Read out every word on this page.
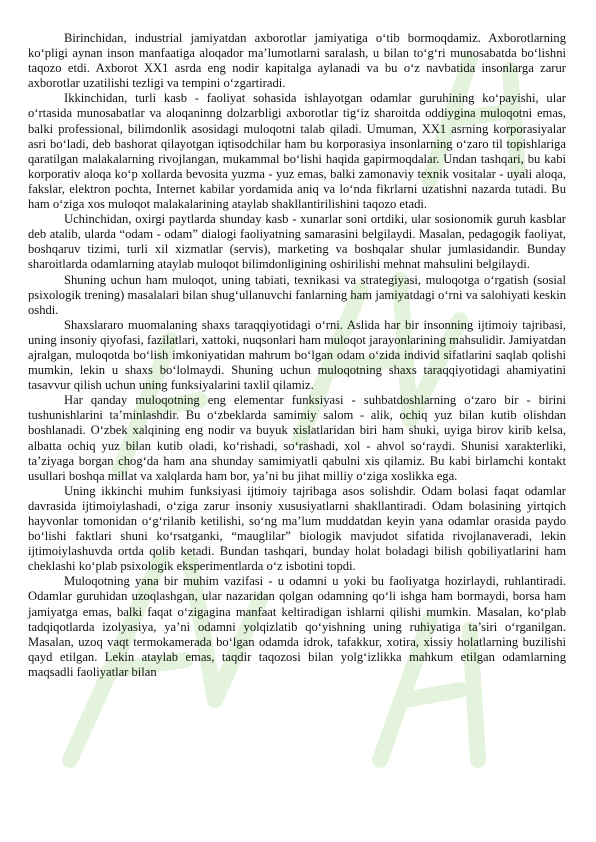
Birinchidan, industrial jamiyatdan axborotlar jamiyatiga o‘tib bormoqdamiz. Axborotlarning ko‘pligi aynan inson manfaatiga aloqador ma’lumotlarni saralash, u bilan to‘g‘ri munosabatda bo‘lishni taqozo etdi. Axborot XX1 asrda eng nodir kapitalga aylanadi va bu o‘z navbatida insonlarga zarur axborotlar uzatilishi tezligi va tempini o‘zgartiradi.

Ikkinchidan, turli kasb - faoliyat sohasida ishlayotgan odamlar guruhining ko‘payishi, ular o‘rtasida munosabatlar va aloqaninng dolzarbligi axborotlar tig‘iz sharoitda oddiygina muloqotni emas, balki professional, bilimdonlik asosidagi muloqotni talab qiladi. Umuman, XX1 asrning korporasiyalar asri bo‘ladi, deb bashorat qilayotgan iqtisodchilar ham bu korporasiya insonlarning o‘zaro til topishlariga qaratilgan malakalarning rivojlangan, mukammal bo‘lishi haqida gapirmoqdalar. Undan tashqari, bu kabi korporativ aloqa ko‘p xollarda bevosita yuzma - yuz emas, balki zamonaviy texnik vositalar - uyali aloqa, fakslar, elektron pochta, Internet kabilar yordamida aniq va lo‘nda fikrlarni uzatishni nazarda tutadi. Bu ham o‘ziga xos muloqot malakalarining ataylab shakllantirilishini taqozo etadi.

Uchinchidan, oxirgi paytlarda shunday kasb - xunarlar soni ortdiki, ular sosionomik guruh kasblar deb atalib, ularda “odam - odam” dialogi faoliyatning samarasini belgilaydi. Masalan, pedagogik faoliyat, boshqaruv tizimi, turli xil xizmatlar (servis), marketing va boshqalar shular jumlasidandir. Bunday sharoitlarda odamlarning ataylab muloqot bilimdonligining oshirilishi mehnat mahsulini belgilaydi.

Shuning uchun ham muloqot, uning tabiati, texnikasi va strategiyasi, muloqotga o‘rgatish (sosial psixologik trening) masalalari bilan shug‘ullanuvchi fanlarning ham jamiyatdagi o‘rni va salohiyati keskin oshdi.

Shaxslararo muomalaning shaxs taraqqiyotidagi o‘rni. Aslida har bir insonning ijtimoiy tajribasi, uning insoniy qiyofasi, fazilatlari, xattoki, nuqsonlari ham muloqot jarayonlarining mahsulidir. Jamiyatdan ajralgan, muloqotda bo‘lish imkoniyatidan mahrum bo‘lgan odam o‘zida individ sifatlarini saqlab qolishi mumkin, lekin u shaxs bo‘lolmaydi. Shuning uchun muloqotning shaxs taraqqiyotidagi ahamiyatini tasavvur qilish uchun uning funksiyalarini taxlil qilamiz.

Har qanday muloqotning eng elementar funksiyasi - suhbatdoshlarning o‘zaro bir - birini tushunishlarini ta’minlashdir. Bu o‘zbeklarda samimiy salom - alik, ochiq yuz bilan kutib olishdan boshlanadi. O‘zbek xalqining eng nodir va buyuk xislatlaridan biri ham shuki, uyiga birov kirib kelsa, albatta ochiq yuz bilan kutib oladi, ko‘rishadi, so‘rashadi, xol - ahvol so‘raydi. Shunisi xarakterliki, ta’ziyaga borgan chog‘da ham ana shunday samimiyatli qabulni xis qilamiz. Bu kabi birlamchi kontakt usullari boshqa millat va xalqlarda ham bor, ya’ni bu jihat milliy o‘ziga xoslikka ega.

Uning ikkinchi muhim funksiyasi ijtimoiy tajribaga asos solishdir. Odam bolasi faqat odamlar davrasida ijtimoiylashadi, o‘ziga zarur insoniy xususiyatlarni shakllantiradi. Odam bolasining yirtqich hayvonlar tomonidan o‘g‘rilanib ketilishi, so‘ng ma’lum muddatdan keyin yana odamlar orasida paydo bo‘lishi faktlari shuni ko‘rsatganki, “mauglilar” biologik mavjudot sifatida rivojlanaveradi, lekin ijtimoiylashuvda ortda qolib ketadi. Bundan tashqari, bunday holat boladagi bilish qobiliyatlarini ham cheklashi ko‘plab psixologik eksperimentlarda o‘z isbotini topdi.

Muloqotning yana bir muhim vazifasi - u odamni u yoki bu faoliyatga hozirlaydi, ruhlantiradi. Odamlar guruhidan uzoqlashgan, ular nazaridan qolgan odamning qo‘li ishga ham bormaydi, borsa ham jamiyatga emas, balki faqat o‘zigagina manfaat keltiradigan ishlarni qilishi mumkin. Masalan, ko‘plab tadqiqotlarda izolyasiya, ya’ni odamni yolqizlatib qo‘yishning uning ruhiyatiga ta’siri o‘rganilgan. Masalan, uzoq vaqt termokamerada bo‘lgan odamda idrok, tafakkur, xotira, xissiy holatlarning buzilishi qayd etilgan. Lekin ataylab emas, taqdir taqozosi bilan yolg‘izlikka mahkum etilgan odamlarning maqsadli faoliyatlar bilan
